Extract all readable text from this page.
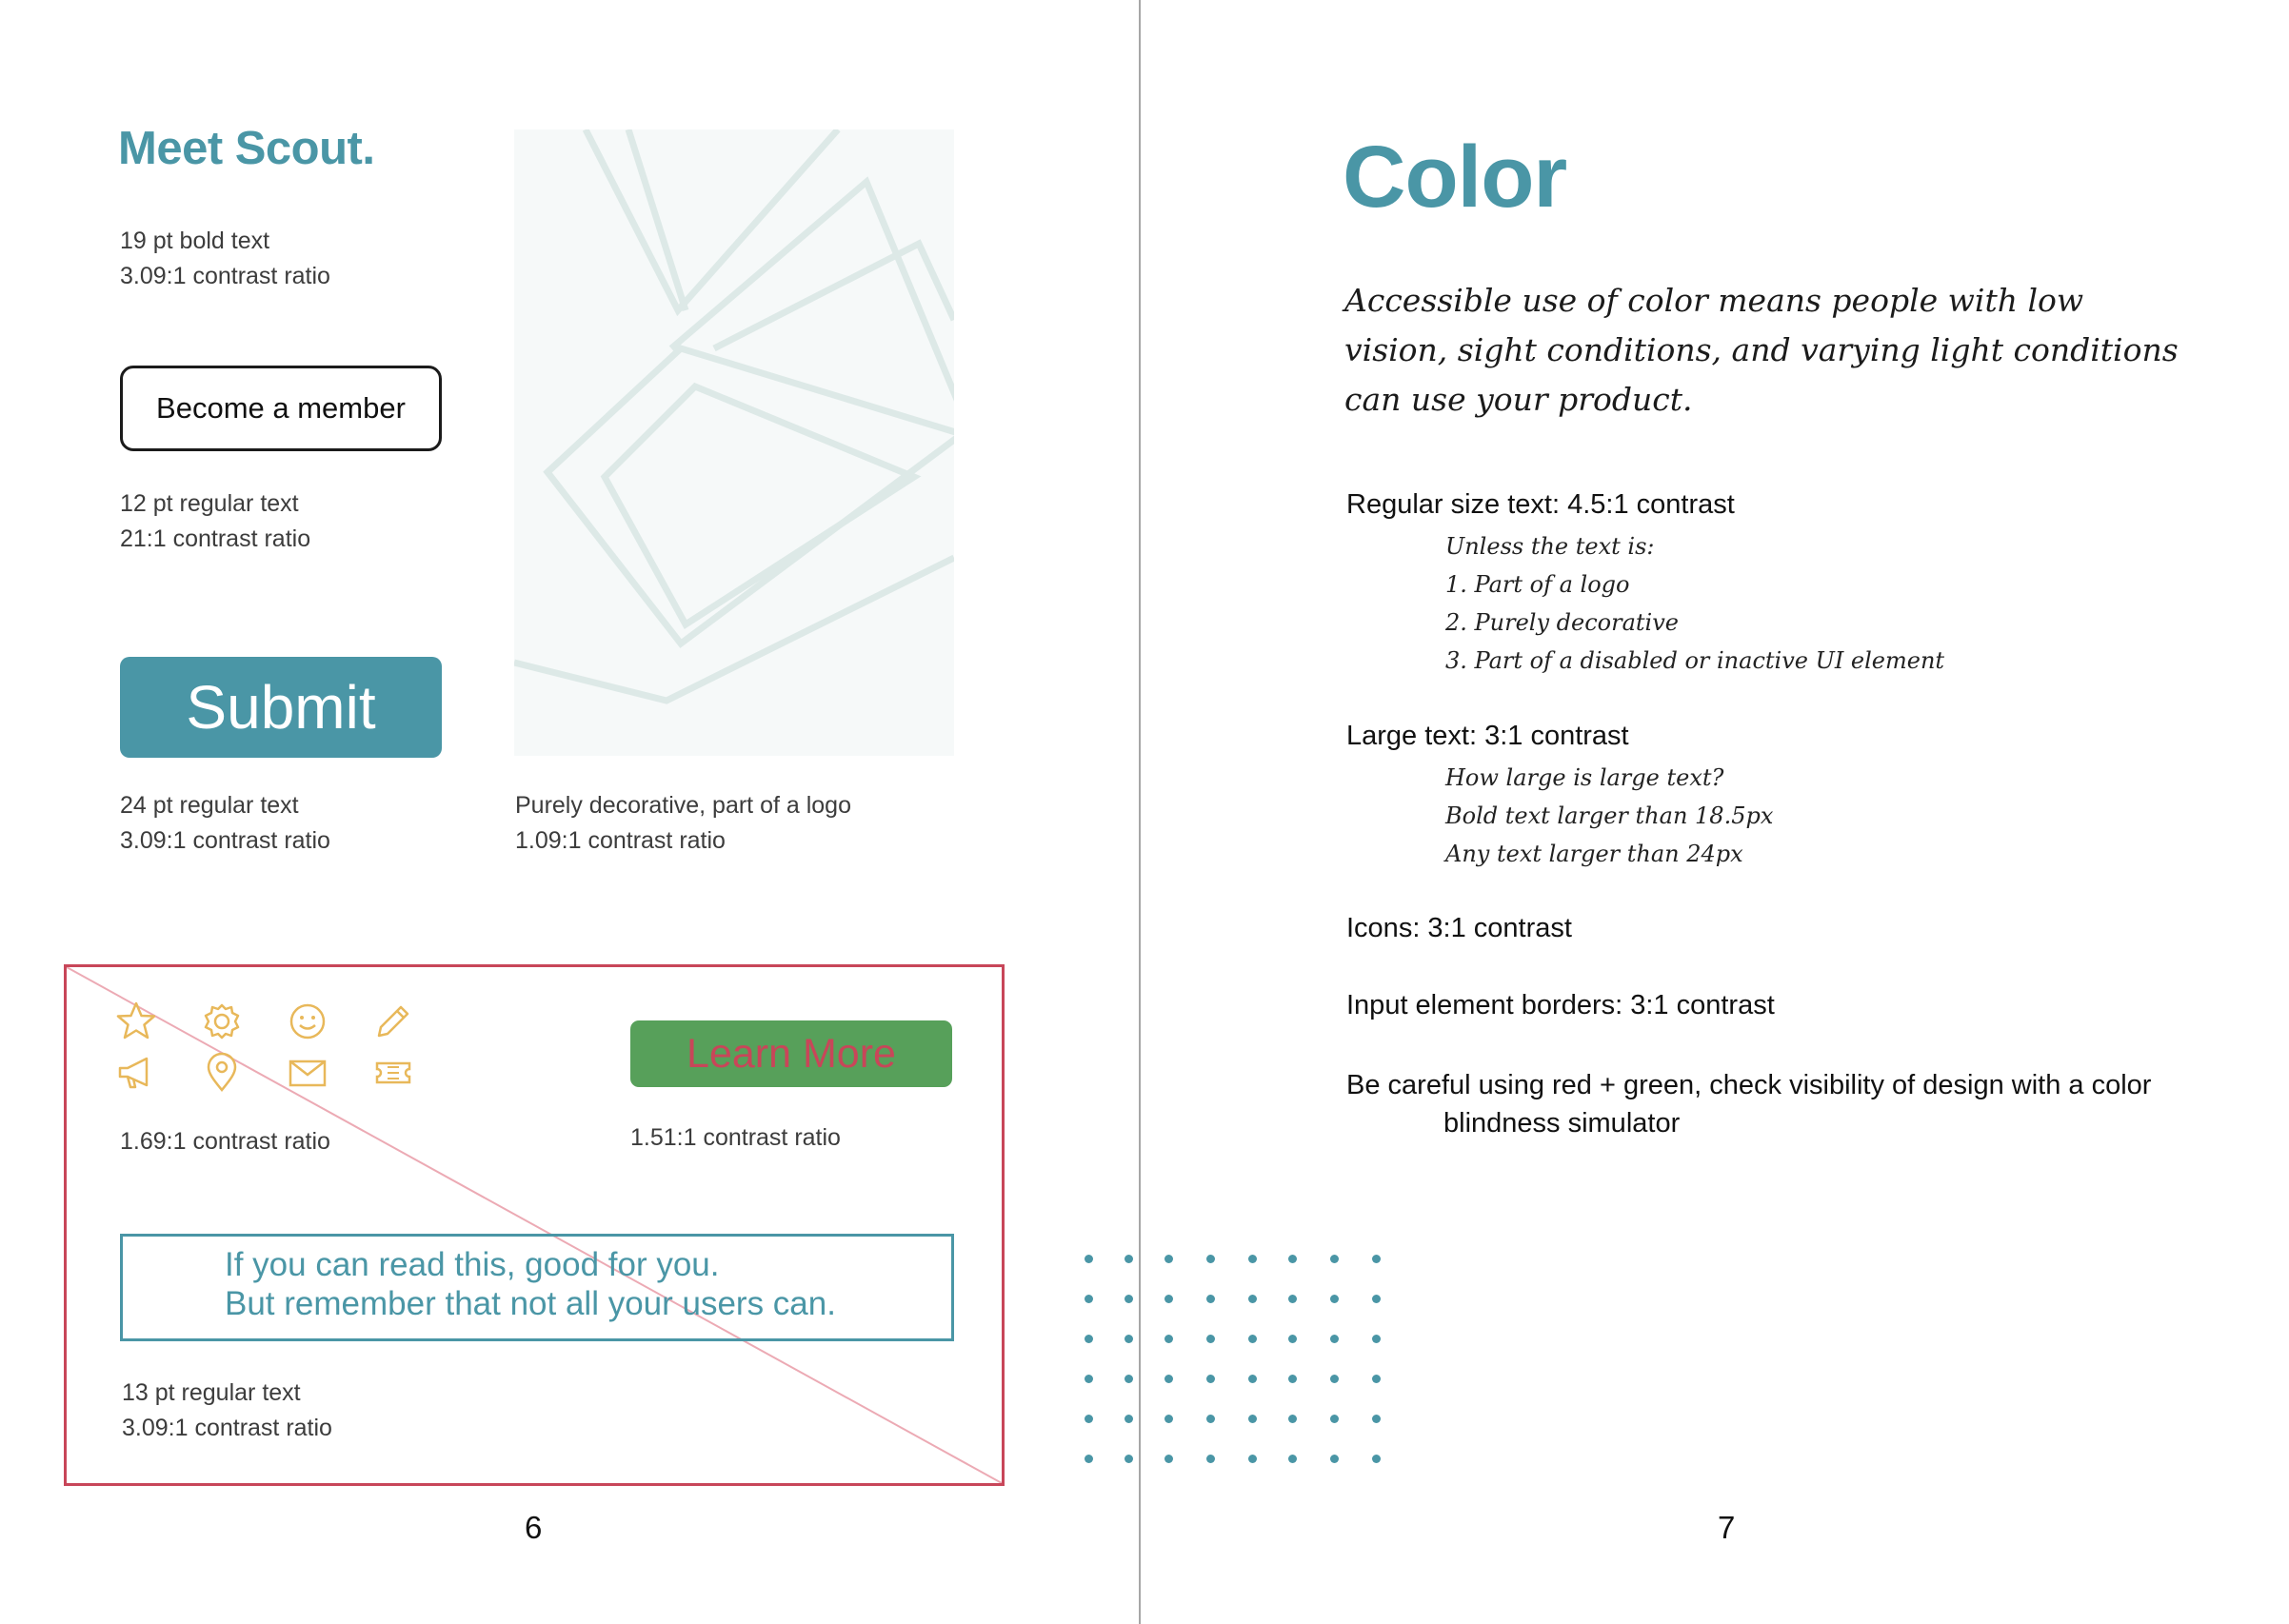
Meet Scout.
19 pt bold text
3.09:1 contrast ratio
Become a member
12 pt regular text
21:1 contrast ratio
Submit
24 pt regular text
3.09:1 contrast ratio
Purely decorative, part of a logo
1.09:1 contrast ratio
1.69:1 contrast ratio
Learn More
1.51:1 contrast ratio
If you can read this, good for you.
But remember that not all your users can.
13 pt regular text
3.09:1 contrast ratio
6
Color
Accessible use of color means people with low vision, sight conditions, and varying light conditions can use your product.
Regular size text: 4.5:1 contrast
Unless the text is:
1. Part of a logo
2. Purely decorative
3. Part of a disabled or inactive UI element
Large text: 3:1 contrast
How large is large text?
Bold text larger than 18.5px
Any text larger than 24px
Icons: 3:1 contrast
Input element borders: 3:1 contrast
Be careful using red + green, check visibility of design with a color
blindness simulator
7
